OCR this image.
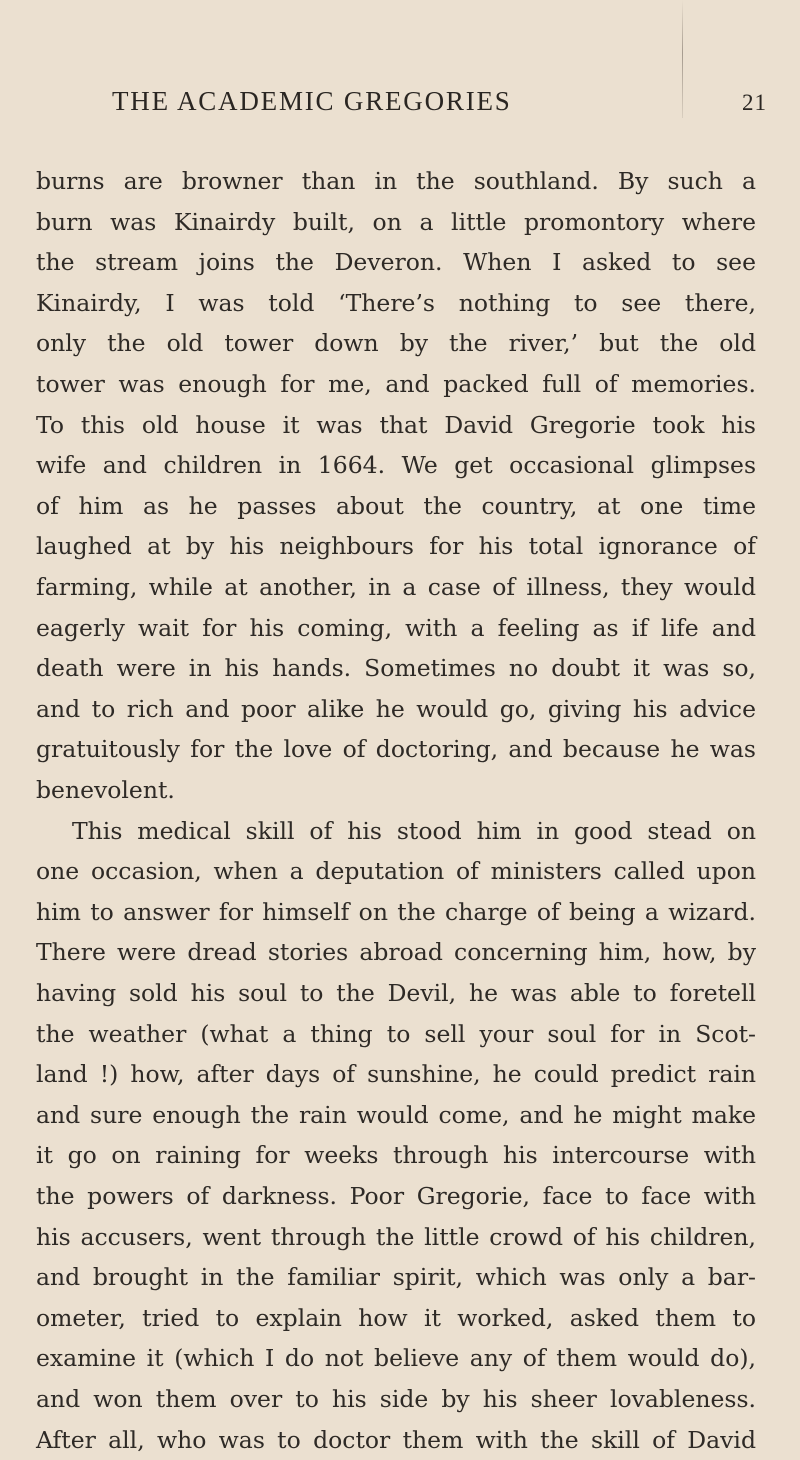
THE ACADEMIC GREGORIES	21
burns are browner than in the southland. By such a
burn was Kinairdy built, on a little promontory where
the stream joins the Deveron. When I asked to see
Kinairdy, I was told ‘There’s nothing to see there,
only the old tower down by the river,’ but the old
tower was enough for me, and packed full of memories.
To this old house it was that David Gregorie took his
wife and children in 1664. We get occasional glimpses
of him as he passes about the country, at one time
laughed at by his neighbours for his total ignorance of
farming, while at another, in a case of illness, they would
eagerly wait for his coming, with a feeling as if life and
death were in his hands. Sometimes no doubt it was so,
and to rich and poor alike he would go, giving his advice
gratuitously for the love of doctoring, and because he was
benevolent.
This medical skill of his stood him in good stead on
one occasion, when a deputation of ministers called upon
him to answer for himself on the charge of being a wizard.
There were dread stories abroad concerning him, how, by
having sold his soul to the Devil, he was able to foretell
the weather (what a thing to sell your soul for in Scot-
land !) how, after days of sunshine, he could predict rain
and sure enough the rain would come, and he might make
it go on raining for weeks through his intercourse with
the powers of darkness. Poor Gregorie, face to face with
his accusers, went through the little crowd of his children,
and brought in the familiar spirit, which was only a bar-
ometer, tried to explain how it worked, asked them to
examine it (which I do not believe any of them would do),
and won them over to his side by his sheer lovableness.
After all, who was to doctor them with the skill of David
